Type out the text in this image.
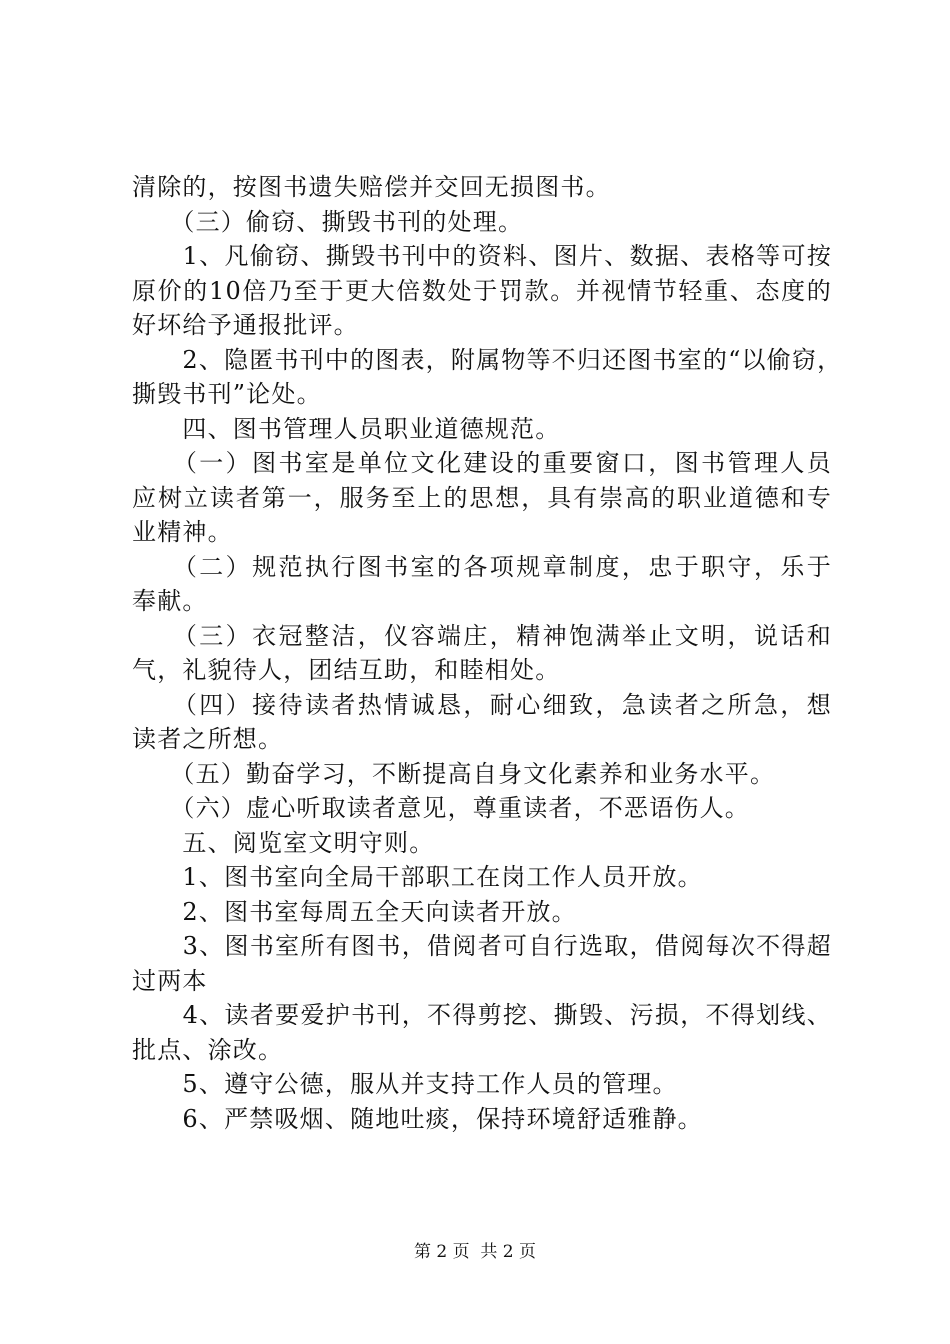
清除的，按图书遗失赔偿并交回无损图书。
　　（三）偷窃、撕毁书刊的处理。
　　1、凡偷窃、撕毁书刊中的资料、图片、数据、表格等可按
原价的10倍乃至于更大倍数处于罚款。并视情节轻重、态度的
好坏给予通报批评。
　　2、隐匿书刊中的图表，附属物等不归还图书室的“以偷窃，
撕毁书刊”论处。
　　四、图书管理人员职业道德规范。
　　（一）图书室是单位文化建设的重要窗口，图书管理人员
应树立读者第一，服务至上的思想，具有崇高的职业道德和专
业精神。
　　（二）规范执行图书室的各项规章制度，忠于职守，乐于
奉献。
　　（三）衣冠整洁，仪容端庄，精神饱满举止文明，说话和
气，礼貌待人，团结互助，和睦相处。
　　（四）接待读者热情诚恳，耐心细致，急读者之所急，想
读者之所想。
　　（五）勤奋学习，不断提高自身文化素养和业务水平。
　　（六）虚心听取读者意见，尊重读者，不恶语伤人。
　　五、阅览室文明守则。
　　1、图书室向全局干部职工在岗工作人员开放。
　　2、图书室每周五全天向读者开放。
　　3、图书室所有图书，借阅者可自行选取，借阅每次不得超
过两本
　　4、读者要爱护书刊，不得剪挖、撕毁、污损，不得划线、
批点、涂改。
　　5、遵守公德，服从并支持工作人员的管理。
　　6、严禁吸烟、随地吐痰，保持环境舒适雅静。
第 2 页  共 2 页
